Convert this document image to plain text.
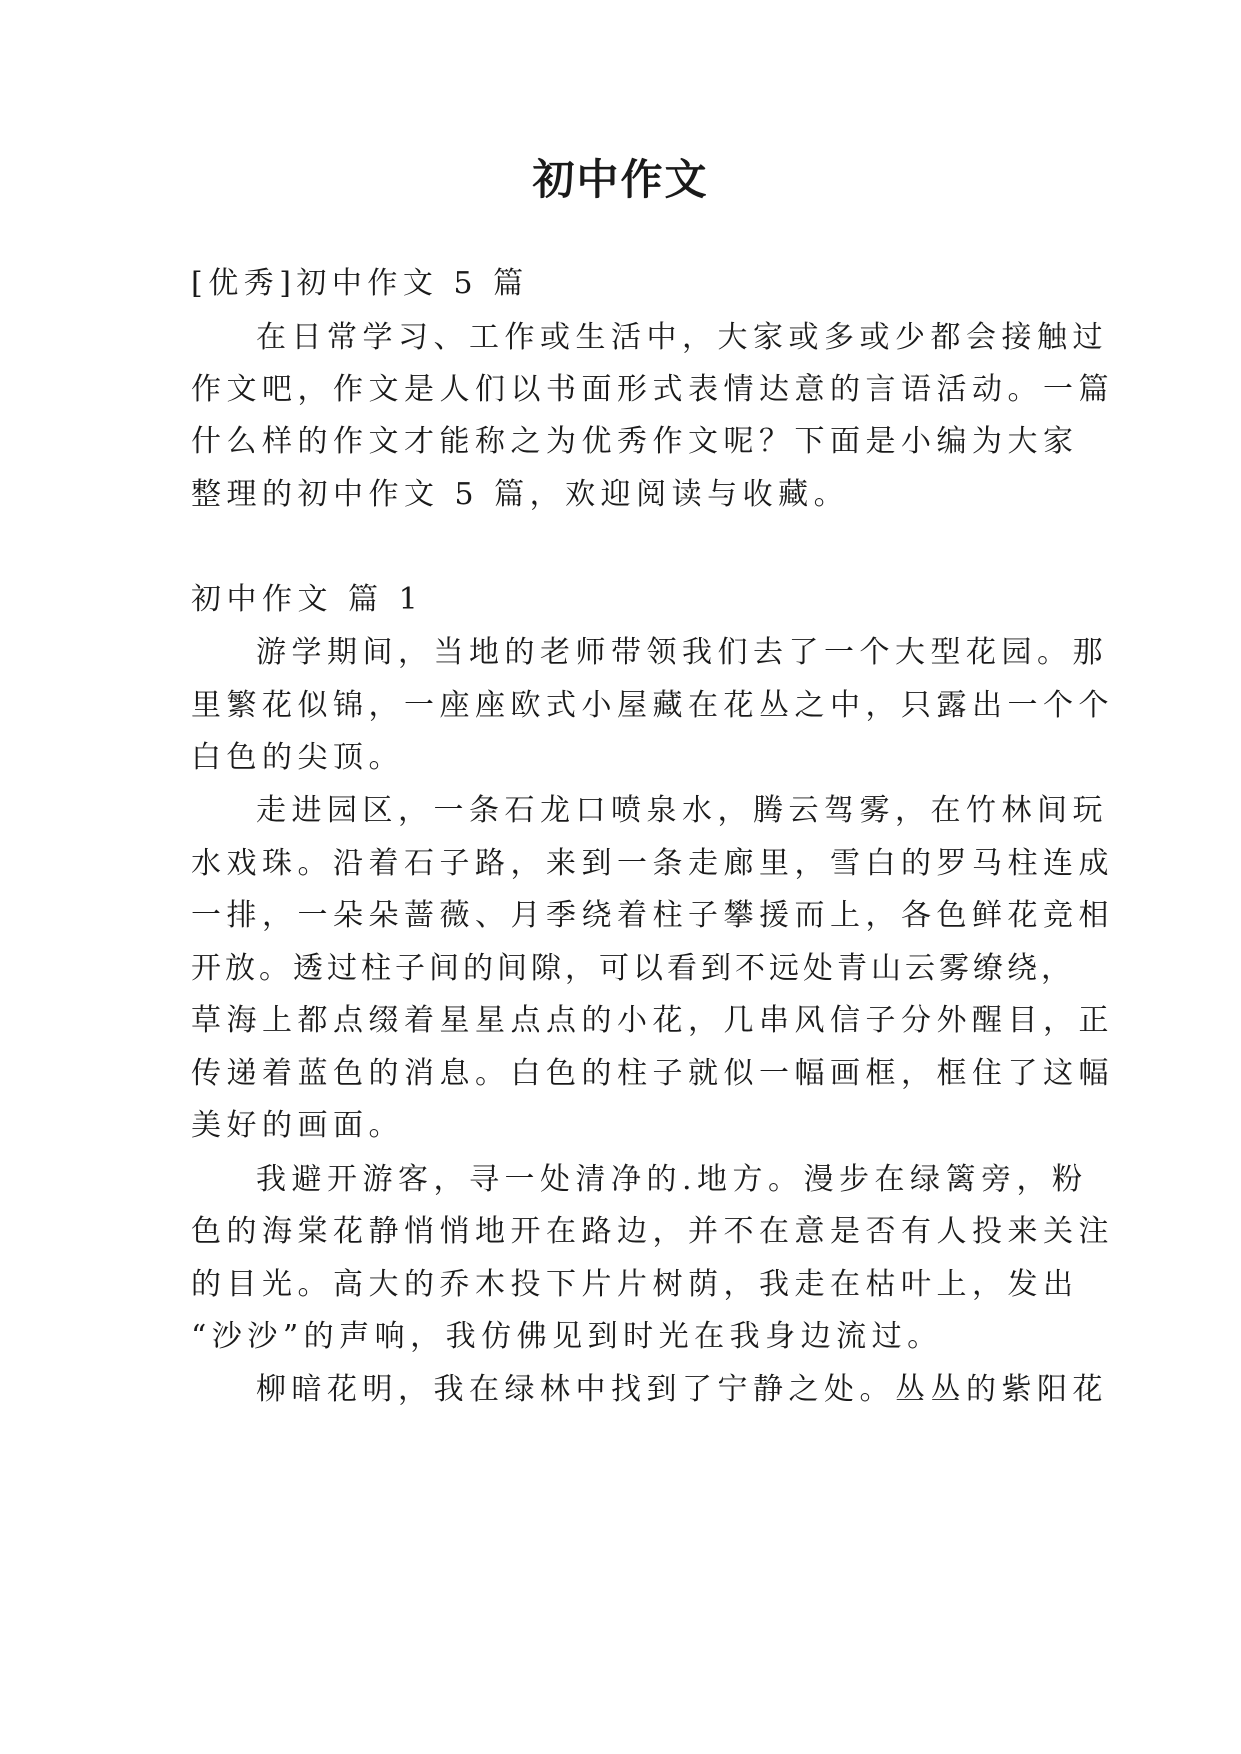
初中作文

[优秀]初中作文 5 篇

在日常学习、工作或生活中，大家或多或少都会接触过

作文吧，作文是人们以书面形式表情达意的言语活动。一篇

什么样的作文才能称之为优秀作文呢？下面是小编为大家

整理的初中作文 5 篇，欢迎阅读与收藏。

初中作文 篇 1

游学期间，当地的老师带领我们去了一个大型花园。那

里繁花似锦，一座座欧式小屋藏在花丛之中，只露出一个个

白色的尖顶。

走进园区，一条石龙口喷泉水，腾云驾雾，在竹林间玩

水戏珠。沿着石子路，来到一条走廊里，雪白的罗马柱连成

一排，一朵朵蔷薇、月季绕着柱子攀援而上，各色鲜花竞相

开放。透过柱子间的间隙，可以看到不远处青山云雾缭绕，

草海上都点缀着星星点点的小花，几串风信子分外醒目，正

传递着蓝色的消息。白色的柱子就似一幅画框，框住了这幅

美好的画面。

我避开游客，寻一处清净的.地方。漫步在绿篱旁，粉

色的海棠花静悄悄地开在路边，并不在意是否有人投来关注

的目光。高大的乔木投下片片树荫，我走在枯叶上，发出

“沙沙”的声响，我仿佛见到时光在我身边流过。

柳暗花明，我在绿林中找到了宁静之处。丛丛的紫阳花
